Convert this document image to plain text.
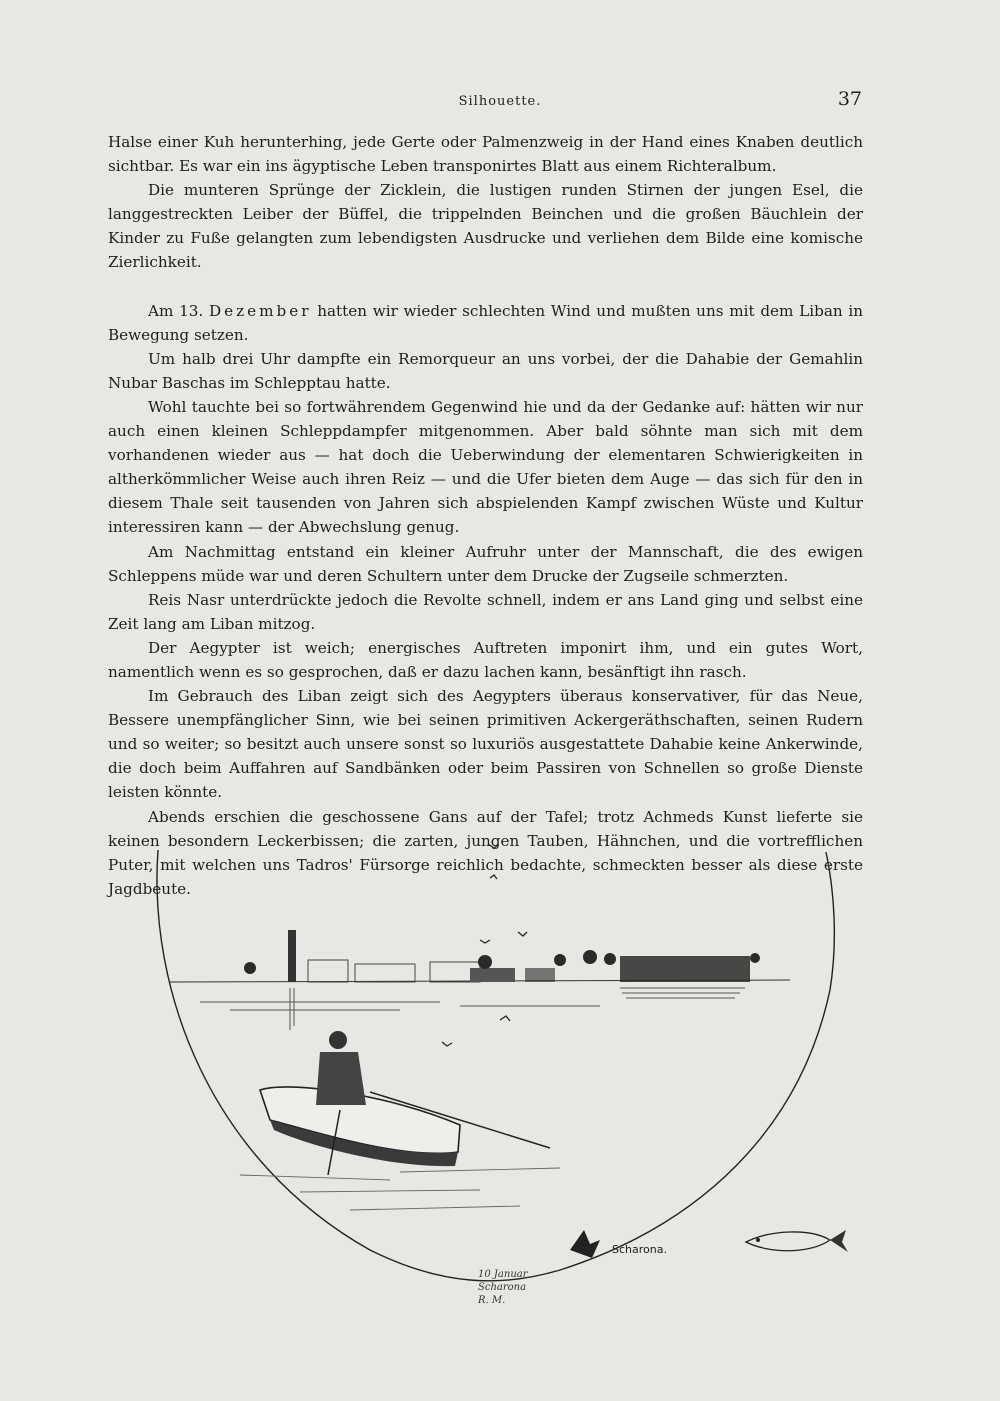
Silhouette.	37

Halse einer Kuh herunterhing, jede Gerte oder Palmenzweig in der Hand eines Knaben deutlich sichtbar. Es war ein ins ägyptische Leben transponirtes Blatt aus einem Richteralbum.

Die munteren Sprünge der Zicklein, die lustigen runden Stirnen der jungen Esel, die langgestreckten Leiber der Büffel, die trippelnden Beinchen und die großen Bäuchlein der Kinder zu Fuße gelangten zum lebendigsten Ausdrucke und verliehen dem Bilde eine komische Zierlichkeit.

Am 13. Dezember hatten wir wieder schlechten Wind und mußten uns mit dem Liban in Bewegung setzen.

Um halb drei Uhr dampfte ein Remorqueur an uns vorbei, der die Dahabie der Gemahlin Nubar Baschas im Schlepptau hatte.

Wohl tauchte bei so fortwährendem Gegenwind hie und da der Gedanke auf: hätten wir nur auch einen kleinen Schleppdampfer mitgenommen. Aber bald söhnte man sich mit dem vorhandenen wieder aus — hat doch die Ueberwindung der elementaren Schwierigkeiten in altherkömmlicher Weise auch ihren Reiz — und die Ufer bieten dem Auge — das sich für den in diesem Thale seit tausenden von Jahren sich abspielenden Kampf zwischen Wüste und Kultur interessiren kann — der Abwechslung genug.

Am Nachmittag entstand ein kleiner Aufruhr unter der Mannschaft, die des ewigen Schleppens müde war und deren Schultern unter dem Drucke der Zugseile schmerzten.

Reis Nasr unterdrückte jedoch die Revolte schnell, indem er ans Land ging und selbst eine Zeit lang am Liban mitzog.

Der Aegypter ist weich; energisches Auftreten imponirt ihm, und ein gutes Wort, namentlich wenn es so gesprochen, daß er dazu lachen kann, besänftigt ihn rasch.

Im Gebrauch des Liban zeigt sich des Aegypters überaus konservativer, für das Neue, Bessere unempfänglicher Sinn, wie bei seinen primitiven Ackergeräthschaften, seinen Rudern und so weiter; so besitzt auch unsere sonst so luxuriös ausgestattete Dahabie keine Ankerwinde, die doch beim Auffahren auf Sandbänken oder beim Passiren von Schnellen so große Dienste leisten könnte.

Abends erschien die geschossene Gans auf der Tafel; trotz Achmeds Kunst lieferte sie keinen besondern Leckerbissen; die zarten, jungen Tauben, Hähnchen, und die vortrefflichen Puter, mit welchen uns Tadros' Fürsorge reichlich bedachte, schmeckten besser als diese erste Jagdbeute.

Scharona.
10 Januar
Scharona
R. M.
